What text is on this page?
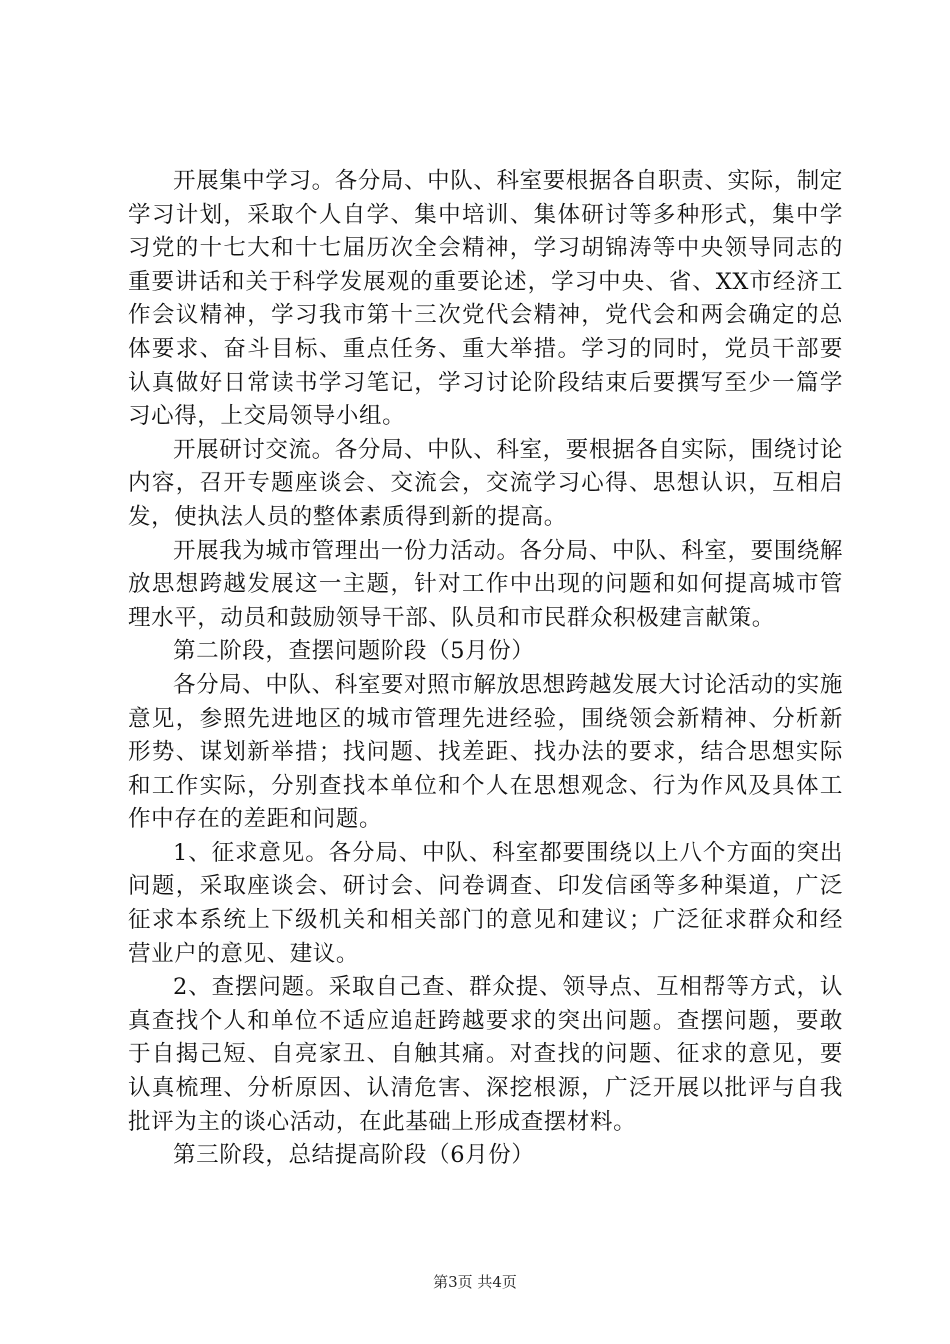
开展集中学习。各分局、中队、科室要根据各自职责、实际，制定学习计划，采取个人自学、集中培训、集体研讨等多种形式，集中学习党的十七大和十七届历次全会精神，学习胡锦涛等中央领导同志的重要讲话和关于科学发展观的重要论述，学习中央、省、XX市经济工作会议精神，学习我市第十三次党代会精神，党代会和两会确定的总体要求、奋斗目标、重点任务、重大举措。学习的同时，党员干部要认真做好日常读书学习笔记，学习讨论阶段结束后要撰写至少一篇学习心得，上交局领导小组。

开展研讨交流。各分局、中队、科室，要根据各自实际，围绕讨论内容，召开专题座谈会、交流会，交流学习心得、思想认识，互相启发，使执法人员的整体素质得到新的提高。

开展我为城市管理出一份力活动。各分局、中队、科室，要围绕解放思想跨越发展这一主题，针对工作中出现的问题和如何提高城市管理水平，动员和鼓励领导干部、队员和市民群众积极建言献策。

第二阶段，查摆问题阶段（5月份）

各分局、中队、科室要对照市解放思想跨越发展大讨论活动的实施意见，参照先进地区的城市管理先进经验，围绕领会新精神、分析新形势、谋划新举措；找问题、找差距、找办法的要求，结合思想实际和工作实际，分别查找本单位和个人在思想观念、行为作风及具体工作中存在的差距和问题。

1、征求意见。各分局、中队、科室都要围绕以上八个方面的突出问题，采取座谈会、研讨会、问卷调查、印发信函等多种渠道，广泛征求本系统上下级机关和相关部门的意见和建议；广泛征求群众和经营业户的意见、建议。

2、查摆问题。采取自己查、群众提、领导点、互相帮等方式，认真查找个人和单位不适应追赶跨越要求的突出问题。查摆问题，要敢于自揭己短、自亮家丑、自触其痛。对查找的问题、征求的意见，要认真梳理、分析原因、认清危害、深挖根源，广泛开展以批评与自我批评为主的谈心活动，在此基础上形成查摆材料。

第三阶段，总结提高阶段（6月份）

第3页 共4页
